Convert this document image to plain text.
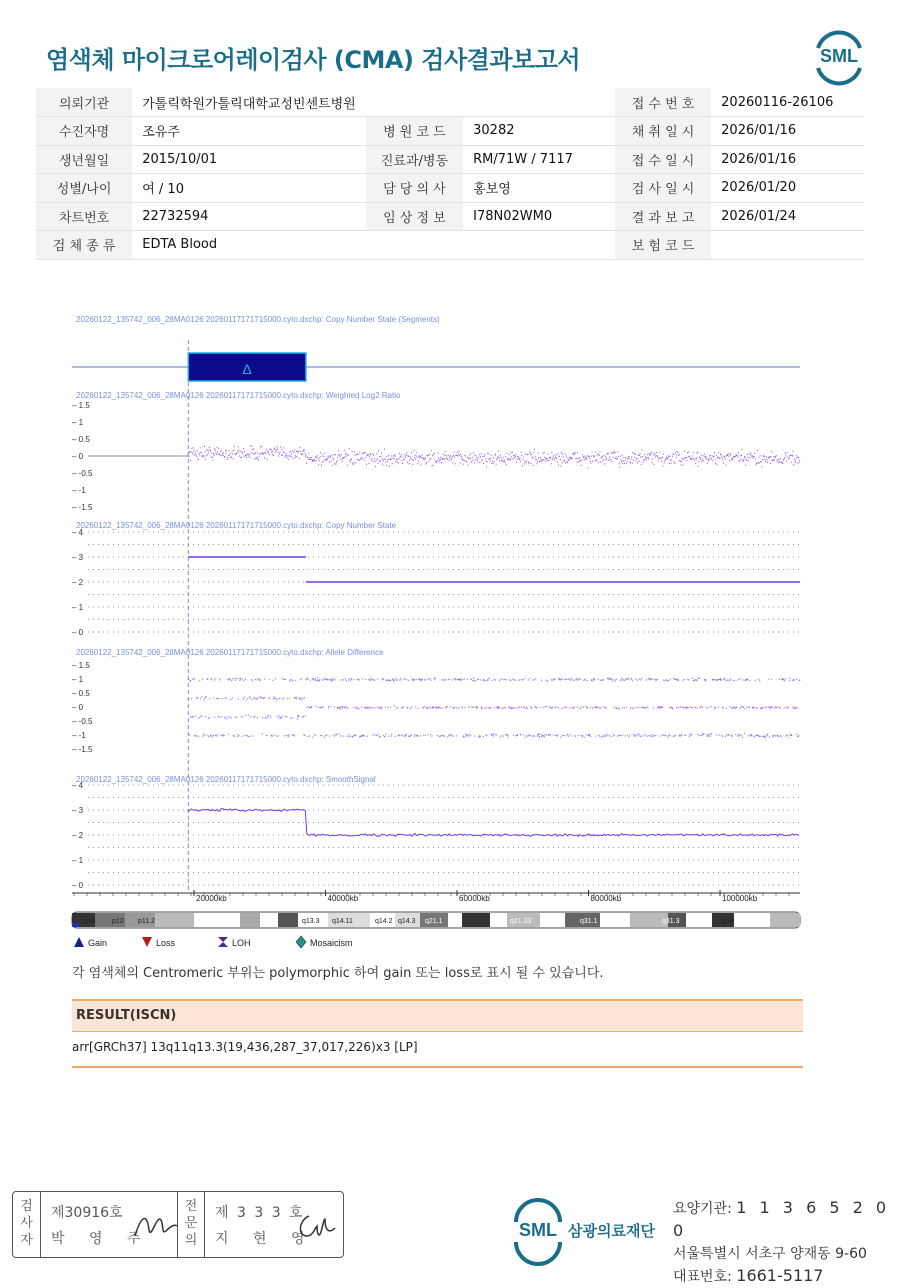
염색체 마이크로어레이검사 (CMA) 검사결과보고서	SML
의뢰기관	가톨릭학원가톨릭대학교성빈센트병원			접 수 번 호	20260116-26106
수진자명	조유주	병 원 코 드	30282	채 취 일 시	2026/01/16
생년월일	2015/10/01	진료과/병동	RM/71W / 7117	접 수 일 시	2026/01/16
성별/나이	여 / 10	담 당 의 사	홍보영	검 사 일 시	2026/01/20
차트번호	22732594	임 상 정 보	I78N02WM0	결 과 보 고	2026/01/24
검 체 종 류	EDTA Blood			보 험 코 드	
20260122_135742_006_28MA0126 20260117171715000.cyto.dxchp: Copy Number State (Segments)
20260122_135742_006_28MA0126 20260117171715000.cyto.dxchp: Weighted Log2 Ratio
20260122_135742_006_28MA0126 20260117171715000.cyto.dxchp: Copy Number State
20260122_135742_006_28MA0126 20260117171715000.cyto.dxchp: Allele Difference
20260122_135742_006_28MA0126 20260117171715000.cyto.dxchp: SmoothSignal
Δ
– 1.5
– 1
– 0.5
– 0
– -0.5
– -1
– -1.5
– 4
– 3
– 2
– 1
– 0
– 1.5
– 1
– 0.5
– 0
– -0.5
– -1
– -1.5
– 4
– 3
– 2
– 1
– 0
20000kb	40000kb	60000kb	80000kb	100000kb
q13 p12 p11.2	q13.3 q14.11	q14.2 q14.3 q21.1	q21.33	q31.1	q31.3	q34
Gain	Loss	LOH	Mosaicism
각 염색체의 Centromeric 부위는 polymorphic 하여 gain 또는 loss로 표시 될 수 있습니다.
RESULT(ISCN)
arr[GRCh37] 13q11q13.3(19,436,287_37,017,226)x3 [LP]
검
사
자
제30916호
박 영 주
전
문
의
제 3 3 3 호
지 현 영	SML 삼광의료재단
요양기관: 1 1 3 6 5 2 0 0
서울특별시 서초구 양재동 9-60
대표번호: 1661-5117
